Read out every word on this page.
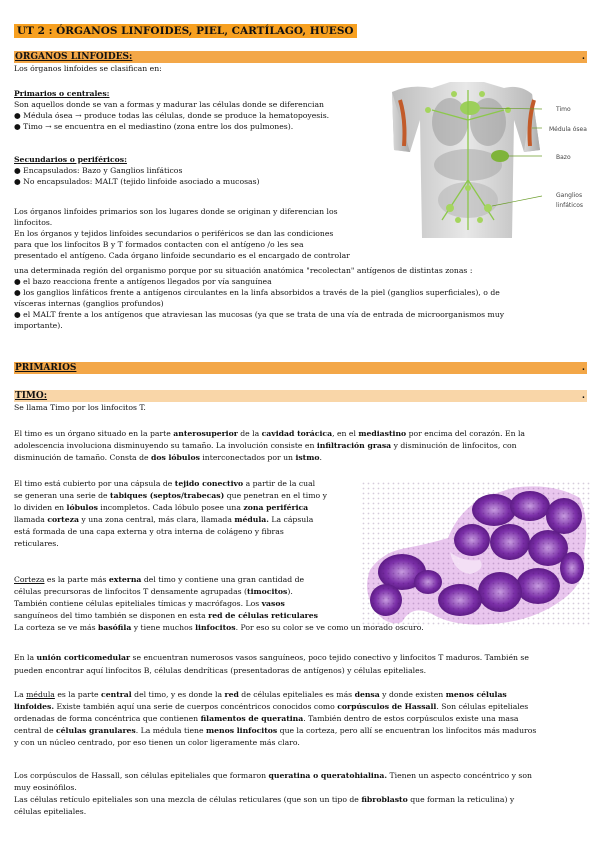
UT 2 : ÓRGANOS LINFOIDES, PIEL, CARTÍLAGO, HUESO
ORGANOS LINFOIDES:	.

Los órganos linfoides se clasifican en:

Primarios o centrales:

Son aquellos donde se van a formas y madurar las células donde se diferencian

● Médula ósea → produce todas las células, donde se produce la hematopoyesis.

● Timo → se encuentra en el mediastino (zona entre los dos pulmones).

Secundarios o periféricos:

● Encapsulados: Bazo y Ganglios linfáticos

● No encapsulados: MALT (tejido linfoide asociado a mucosas)

Los órganos linfoides primarios son los lugares donde se originan y diferencian los

linfocitos.

En los órganos y tejidos linfoides secundarios o periféricos se dan las condiciones

para que los linfocitos B y T formados contacten con el antígeno /o les sea

presentado el antígeno. Cada órgano linfoide secundario es el encargado de controlar

una determinada región del organismo porque por su situación anatómica "recolectan" antígenos de distintas zonas :

● el bazo reacciona frente a antígenos llegados por vía sanguínea

● los ganglios linfáticos frente a antígenos circulantes en la linfa absorbidos a través de la piel (ganglios superficiales), o de

vísceras internas (ganglios profundos)

● el MALT frente a los antígenos que atraviesan las mucosas (ya que se trata de una vía de entrada de microorganismos muy

importante).

Timo
Médula ósea
Bazo
Ganglios
linfáticos
PRIMARIOS	.
TIMO:	.

Se llama Timo por los linfocitos T.

El timo es un órgano situado en la parte anterosuperior de la cavidad torácica, en el mediastino por encima del corazón. En la

adolescencia involuciona disminuyendo su tamaño. La involución consiste en infiltración grasa y disminución de linfocitos, con

disminución de tamaño. Consta de dos lóbulos interconectados por un istmo.

El timo está cubierto por una cápsula de tejido conectivo a partir de la cual

se generan una serie de tabiques (septos/trabecas) que penetran en el timo y

lo dividen en lóbulos incompletos. Cada lóbulo posee una zona periférica

llamada corteza y una zona central, más clara, llamada médula. La cápsula

está formada de una capa externa y otra interna de colágeno y fibras

reticulares.

Corteza es la parte más externa del timo y contiene una gran cantidad de

células precursoras de linfocitos T densamente agrupadas (timocitos).

También contiene células epiteliales tímicas y macrófagos. Los vasos

sanguíneos del timo también se disponen en esta red de células reticulares

La corteza se ve más basófila y tiene muchos linfocitos. Por eso su color se ve como un morado oscuro.

En la unión corticomedular se encuentran numerosos vasos sanguíneos, poco tejido conectivo y linfocitos T maduros. También se

pueden encontrar aquí linfocitos B, células dendríticas (presentadoras de antígenos) y células epiteliales.

La médula es la parte central del timo, y es donde la red de células epiteliales es más densa y donde existen menos células

linfoides. Existe también aquí una serie de cuerpos concéntricos conocidos como corpúsculos de Hassall. Son células epiteliales

ordenadas de forma concéntrica que contienen filamentos de queratina. También dentro de estos corpúsculos existe una masa

central de células granulares. La médula tiene menos linfocitos que la corteza, pero allí se encuentran los linfocitos más maduros

y con un núcleo centrado, por eso tienen un color ligeramente más claro.

Los corpúsculos de Hassall, son células epiteliales que formaron queratina o queratohialina. Tienen un aspecto concéntrico y son

muy eosinófilos.

Las células retículo epiteliales son una mezcla de células reticulares (que son un tipo de fibroblasto que forman la reticulina) y

células epiteliales.
